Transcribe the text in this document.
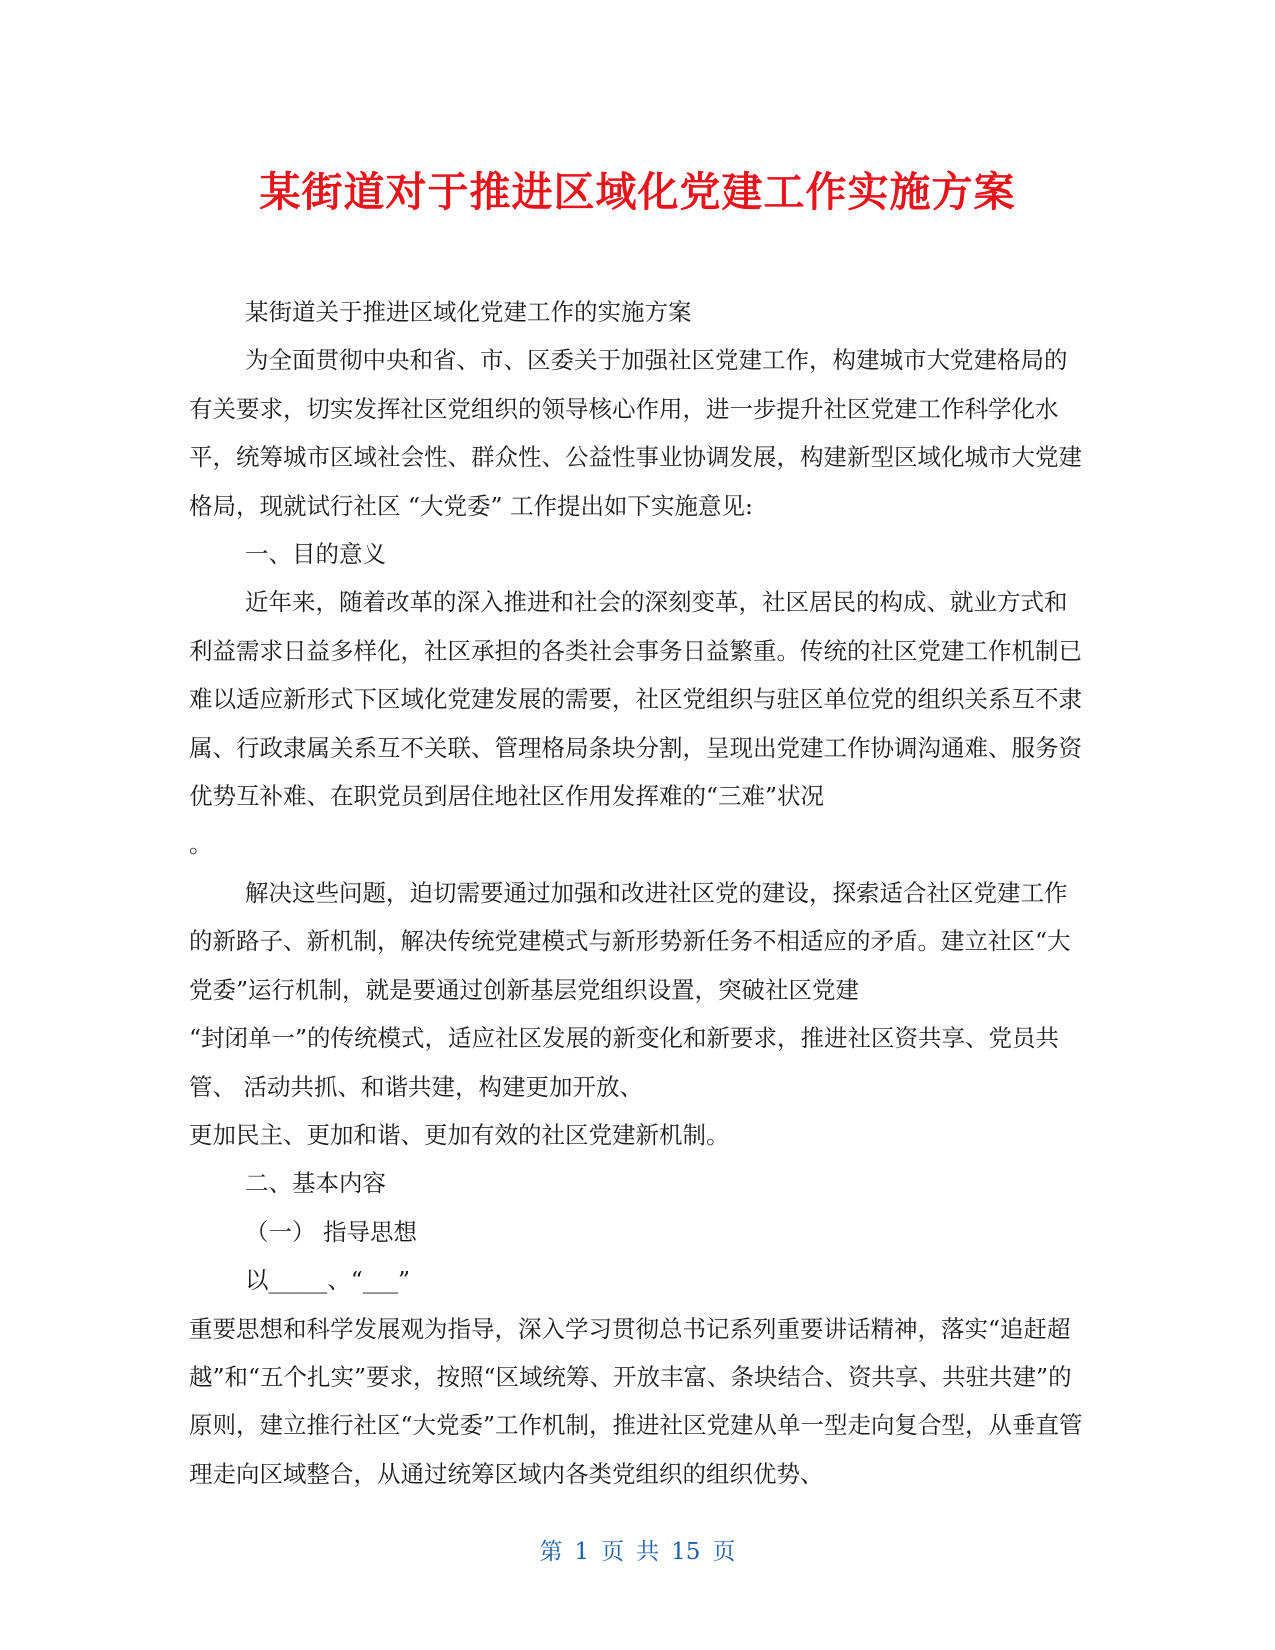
某街道对于推进区域化党建工作实施方案

某街道关于推进区域化党建工作的实施方案

为全面贯彻中央和省、市、区委关于加强社区党建工作，构建城市大党建格局的有关要求，切实发挥社区党组织的领导核心作用，进一步提升社区党建工作科学化水平，统筹城市区域社会性、群众性、公益性事业协调发展，构建新型区域化城市大党建格局，现就试行社区 “大党委” 工作提出如下实施意见:

一、目的意义

近年来，随着改革的深入推进和社会的深刻变革，社区居民的构成、就业方式和利益需求日益多样化，社区承担的各类社会事务日益繁重。传统的社区党建工作机制已难以适应新形式下区域化党建发展的需要，社区党组织与驻区单位党的组织关系互不隶属、行政隶属关系互不关联、管理格局条块分割，呈现出党建工作协调沟通难、服务资优势互补难、在职党员到居住地社区作用发挥难的“三难”状况

。

解决这些问题，迫切需要通过加强和改进社区党的建设，探索适合社区党建工作的新路子、新机制，解决传统党建模式与新形势新任务不相适应的矛盾。建立社区“大党委”运行机制，就是要通过创新基层党组织设置，突破社区党建

“封闭单一”的传统模式，适应社区发展的新变化和新要求，推进社区资共享、党员共管、 活动共抓、和谐共建，构建更加开放、

更加民主、更加和谐、更加有效的社区党建新机制。

二、基本内容

（一） 指导思想

以_____、“___”

重要思想和科学发展观为指导，深入学习贯彻总书记系列重要讲话精神，落实“追赶超越”和“五个扎实”要求，按照“区域统筹、开放丰富、条块结合、资共享、共驻共建”的原则，建立推行社区“大党委”工作机制，推进社区党建从单一型走向复合型，从垂直管理走向区域整合，从通过统筹区域内各类党组织的组织优势、

第 1 页 共 15 页
